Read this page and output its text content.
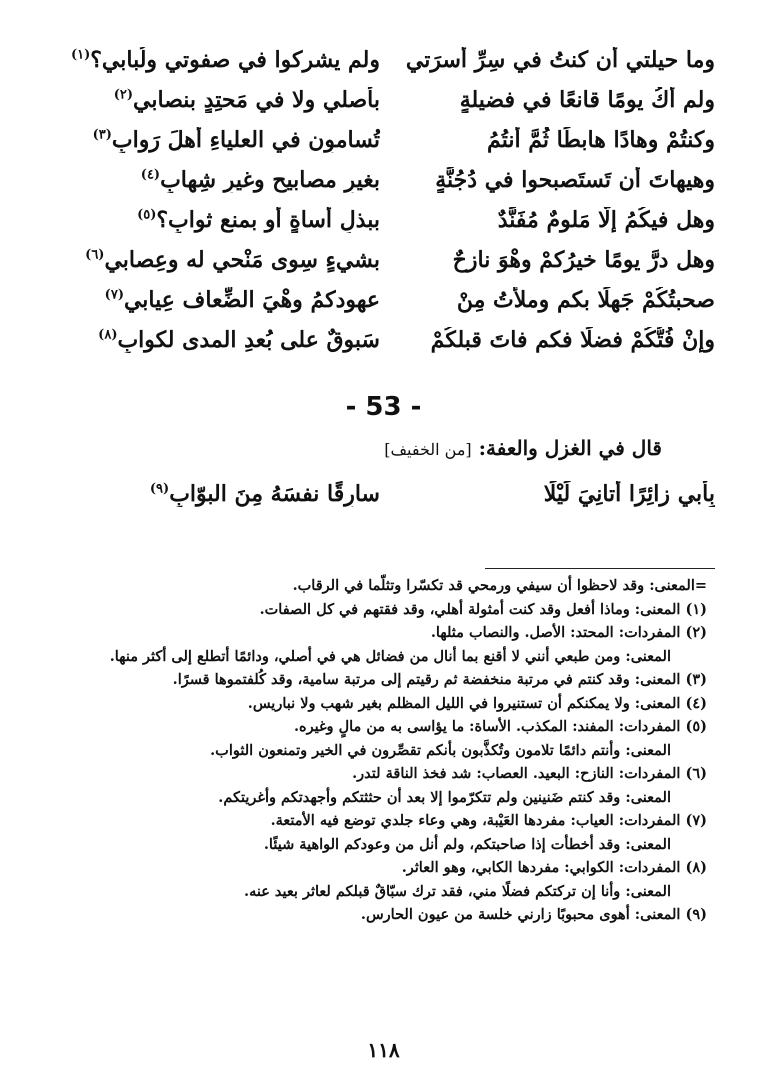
وما حيلتي أن كنتُ في سِرِّ أُسرَتي
ولم يشركوا في صفوتي ولُبابي؟$^{(١)}$
ولم أكُ يومًا قانعًا في فضيلةٍ
بأصلي ولا في مَحتِدٍ بنصابي$^{(٢)}$
وكنتُمْ وهادًا هابطًا ثُمَّ أنتُمُ
تُساموِن في العلياءِ أهلَ رَوابِ$^{(٣)}$
وهيهاتَ أن تَستَصبحوا في دُجُنَّةٍ
بغيرِ مصابيحٍ وغيرِ شِهابِ$^{(٤)}$
وهل فيكُمُ إلّا مَلومٌ مُفَنَّدٌ
ببذلِ أَساةٍ أو بمنعِ ثوابِ؟$^{(٥)}$
وهل درَّ يومًا خيرُكمْ وهْوَ نازحٌ
بشيءٍ سِوى مَنْحي له وعِصابي$^{(٦)}$
صحبتُكُمْ جَهلًا بكم وملأتُ مِنْ
عهودكمُ وهْيَ الضِّعاف عِيابي$^{(٧)}$
وإنْ فُتُّكُمْ فضلًا فكم فاتَ قبلكُمْ
سَبوقٌ على بُعدِ المدى لكوابِ$^{(٨)}$
- 53 -
قال في الغزل والعفة: [من الخفيف]
بِأَبي زائِرًا أَتانِيَ لَيْلًا
سارِقًا نفسَهُ مِنَ البوّابِ$^{(٩)}$
=المعنى: وقد لاحظوا أن سيفي ورمحي قد تكسّرا وتثلّما في الرقاب.
(١) المعنى: وماذا أفعل وقد كنت أمثولة أهلي، وقد فقتهم في كل الصفات.
(٢) المفردات: المحتد: الأصل. والنصاب مثلها.
المعنى: ومن طبعي أنني لا أقنع بما أنال من فضائل هي في أصلي، ودائمًا أتطلع إلى أكثر منها.
(٣) المعنى: وقد كنتم في مرتبة منخفضة ثم رقيتم إلى مرتبة سامية، وقد كُلفتموها قسرًا.
(٤) المعنى: ولا يمكنكم أن تستنيروا في الليل المظلم بغير شهب ولا نباريس.
(٥) المفردات: المفند: المكذب. الأساة: ما يؤاسى به من مالٍ وغيره.
المعنى: وأنتم دائمًا تلامون وتُكذَّبون بأنكم تقصِّرون في الخير وتمنعون الثواب.
(٦) المفردات: النازح: البعيد. العصاب: شد فخذ الناقة لتدر.
المعنى: وقد كنتم ضَنينين ولم تتكرّموا إلا بعد أن حثثتكم وأجهدتكم وأغريتكم.
(٧) المفردات: العياب: مفردها العَيْبة، وهي وعاء جلدي توضع فيه الأمتعة.
المعنى: وقد أخطأت إذا صاحبتكم، ولم أنل من وعودكم الواهية شيئًا.
(٨) المفردات: الكوابي: مفردها الكابي، وهو العاثر.
المعنى: وأنا إن تركتكم فضلًا مني، فقد ترك سبّاقٌ قبلكم لعاثر بعيد عنه.
(٩) المعنى: أهوى محبوبًا زارني خلسة من عيون الحارس.
١١٨
